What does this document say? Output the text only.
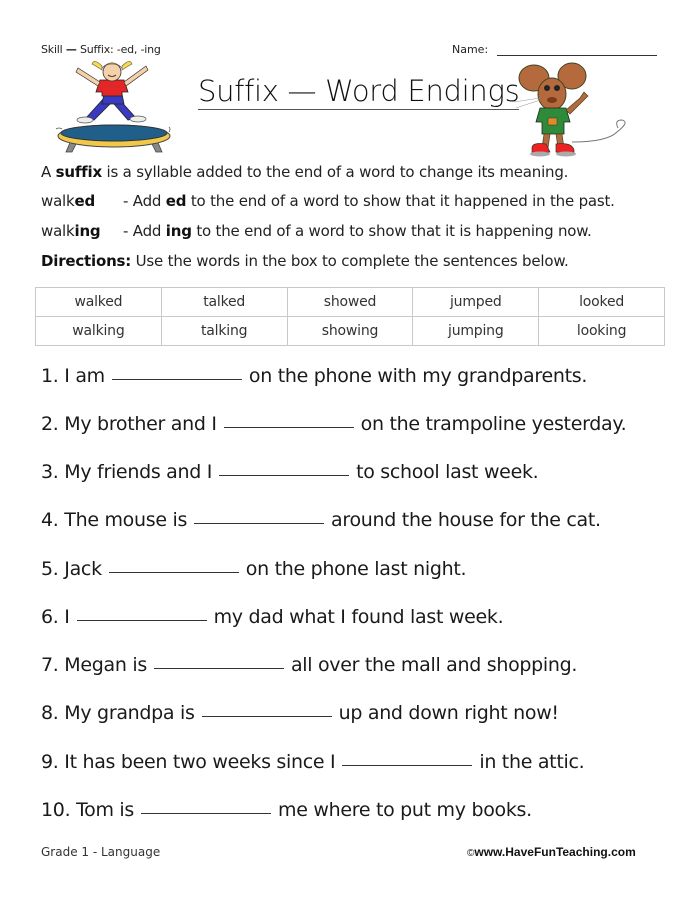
Skill — Suffix: -ed, -ing	Name:
Suffix — Word Endings
A suffix is a syllable added to the end of a word to change its meaning.
walked - Add ed to the end of a word to show that it happened in the past.
walking - Add ing to the end of a word to show that it is happening now.
Directions: Use the words in the box to complete the sentences below.
walked	talked	showed	jumped	looked
walking	talking	showing	jumping	looking
1. I am	on the phone with my grandparents.
2. My brother and I	on the trampoline yesterday.
3. My friends and I	to school last week.
4. The mouse is	around the house for the cat.
5. Jack	on the phone last night.
6. I	my dad what I found last week.
7. Megan is	all over the mall and shopping.
8. My grandpa is	up and down right now!
9. It has been two weeks since I	in the attic.
10. Tom is	me where to put my books.
Grade 1 - Language	©www.HaveFunTeaching.com
